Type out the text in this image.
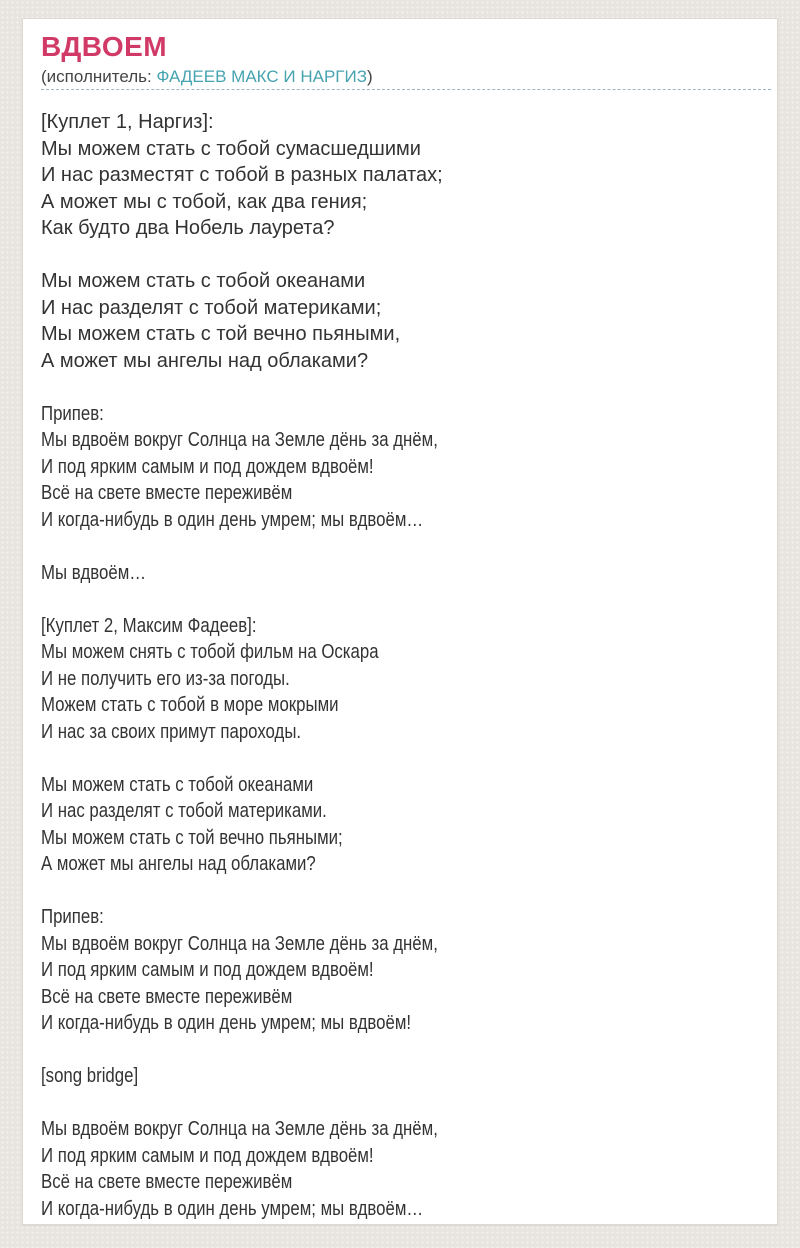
ВДВОЕМ
(исполнитель: ФАДЕЕВ МАКС И НАРГИЗ)
[Куплет 1, Наргиз]:
Мы можем стать с тобой сумасшедшими
И нас разместят с тобой в разных палатах;
А может мы с тобой, как два гения;
Как будто два Нобель лаурета?
Мы можем стать с тобой океанами
И нас разделят с тобой материками;
Мы можем стать с той вечно пьяными,
А может мы ангелы над облаками?
Припев:
Мы вдвоём вокруг Солнца на Земле дёнь за днём,
И под ярким самым и под дождем вдвоём!
Всё на свете вместе переживём
И когда-нибудь в один день умрем; мы вдвоём…
Мы вдвоём…
[Куплет 2, Максим Фадеев]:
Мы можем снять с тобой фильм на Оскара
И не получить его из-за погоды.
Можем стать с тобой в море мокрыми
И нас за своих примут пароходы.
Мы можем стать с тобой океанами
И нас разделят с тобой материками.
Мы можем стать с той вечно пьяными;
А может мы ангелы над облаками?
Припев:
Мы вдвоём вокруг Солнца на Земле дёнь за днём,
И под ярким самым и под дождем вдвоём!
Всё на свете вместе переживём
И когда-нибудь в один день умрем; мы вдвоём!
[song bridge]
Мы вдвоём вокруг Солнца на Земле дёнь за днём,
И под ярким самым и под дождем вдвоём!
Всё на свете вместе переживём
И когда-нибудь в один день умрем; мы вдвоём…
